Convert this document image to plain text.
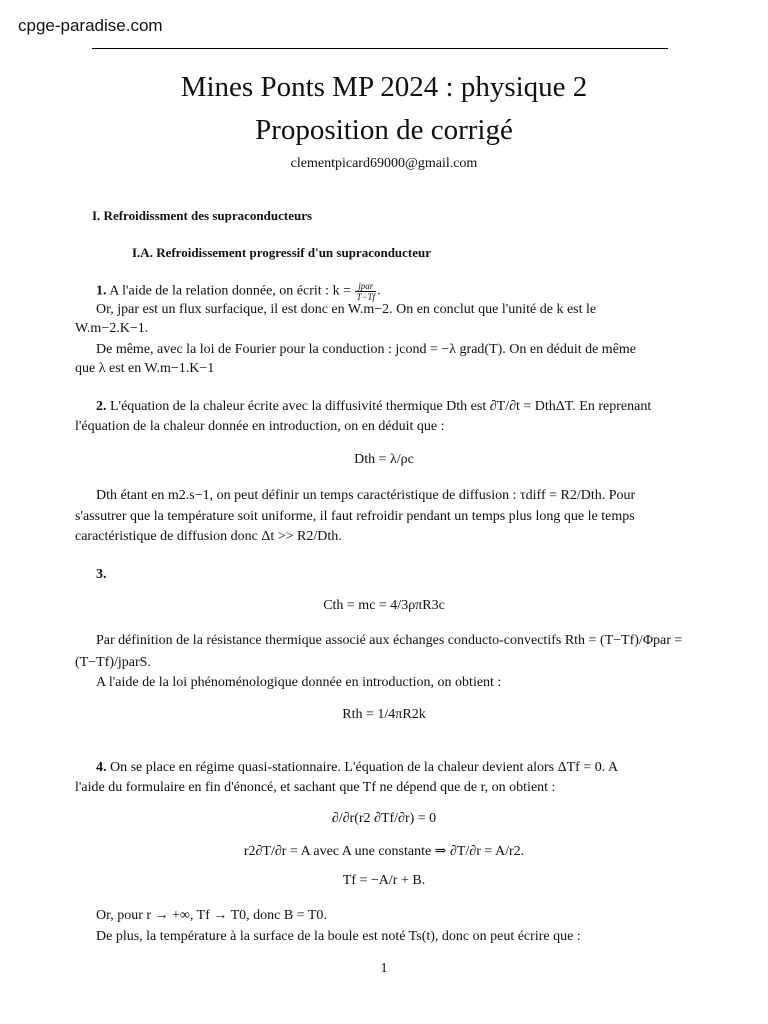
cpge-paradise.com
Mines Ponts MP 2024 : physique 2
Proposition de corrigé
clementpicard69000@gmail.com
I. Refroidissment des supraconducteurs
I.A. Refroidissement progressif d'un supraconducteur
1. A l'aide de la relation donnée, on écrit : $k = \frac{\text{jpar}}{T-Tf}$ .
Or, jpar est un flux surfacique, il est donc en W.m−2. On en conclut que l'unité de k est le
W.m−2.K−1.
De même, avec la loi de Fourier pour la conduction : jcond = −λ grad(T). On en déduit de même
que λ est en W.m−1.K−1
2. L'équation de la chaleur écrite avec la diffusivité thermique Dth est ∂T/∂t = DthΔT. En reprenant
l'équation de la chaleur donnée en introduction, on en déduit que :
Dth = λ/ρc
Dth étant en m2.s−1, on peut définir un temps caractéristique de diffusion : τdiff = R2/Dth. Pour
s'assutrer que la température soit uniforme, il faut refroidir pendant un temps plus long que le temps
caractéristique de diffusion donc Δt >> R2/Dth.
3.
Cth = mc = 4/3ρπR3c
Par définition de la résistance thermique associé aux échanges conducto-convectifs Rth = (T−Tf)/Φpar =
(T−Tf)/jparS.
A l'aide de la loi phénoménologique donnée en introduction, on obtient :
Rth = 1/4πR2k
4. On se place en régime quasi-stationnaire. L'équation de la chaleur devient alors ΔTf = 0. A
l'aide du formulaire en fin d'énoncé, et sachant que Tf ne dépend que de r, on obtient :
∂/∂r(r2 ∂Tf/∂r) = 0
r2∂T/∂r = A avec A une constante ⇒ ∂T/∂r = A/r2.
Tf = −A/r + B.
Or, pour r → +∞, Tf → T0, donc B = T0.
De plus, la température à la surface de la boule est noté Ts(t), donc on peut écrire que :
1
